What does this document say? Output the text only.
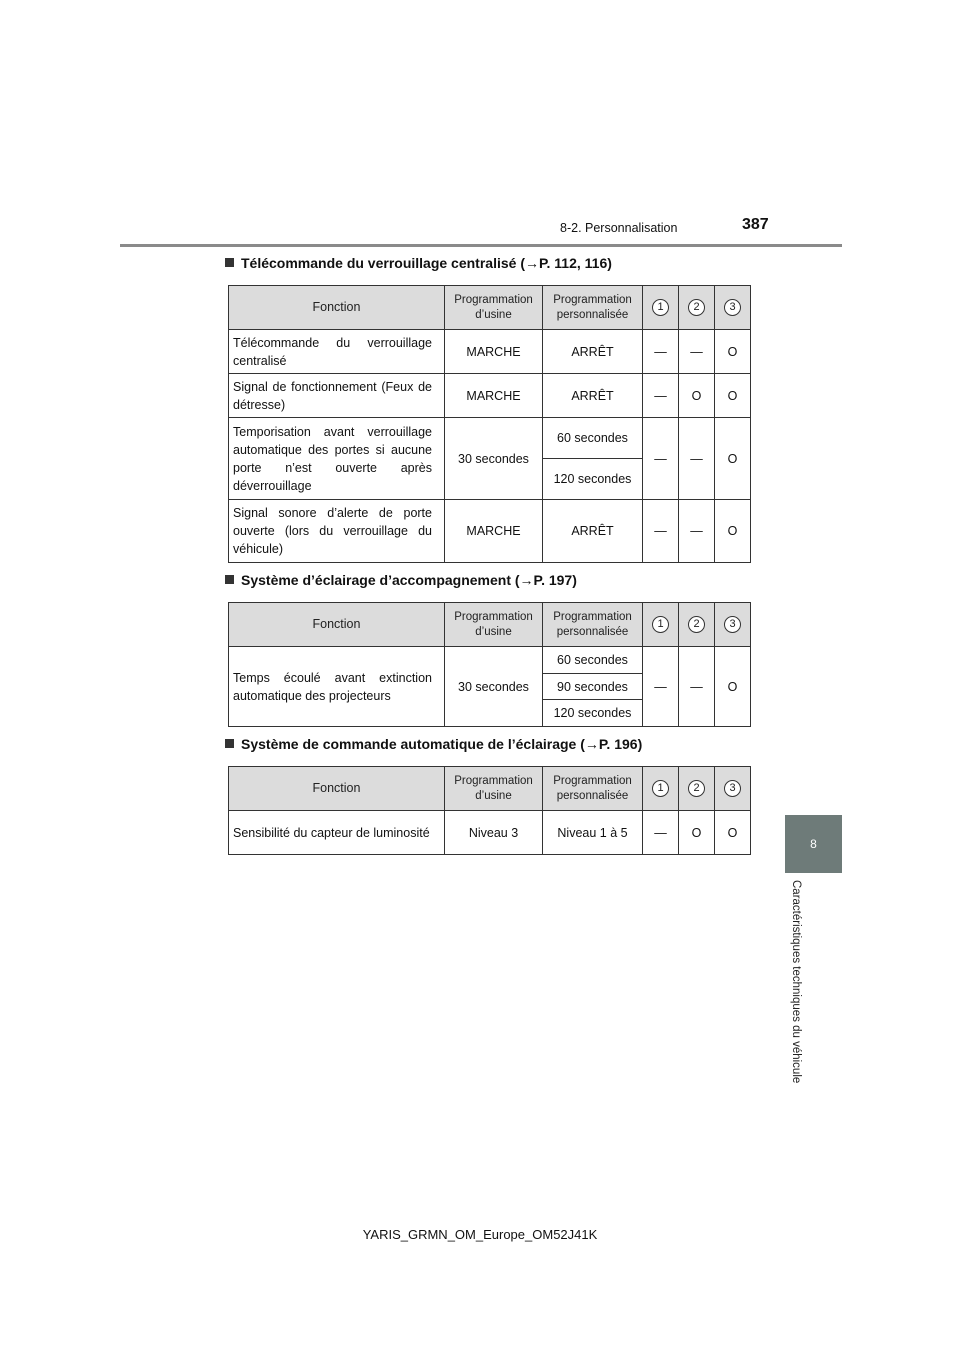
8-2. Personnalisation	387
8
Caractéristiques techniques du véhicule
Télécommande du verrouillage centralisé (→P. 112, 116)
Fonction	Programmation d’usine	Programmation personnalisée	1	2	3
Télécommande du verrouillage centralisé	MARCHE	ARRÊT	—	—	O
Signal de fonctionnement (Feux de détresse)	MARCHE	ARRÊT	—	O	O
Temporisation avant verrouillage automatique des portes si aucune porte n’est ouverte après déverrouillage	30 secondes	60 secondes	—	—	O
		120 secondes			
Signal sonore d’alerte de porte ouverte (lors du verrouillage du véhicule)	MARCHE	ARRÊT	—	—	O
Système d’éclairage d’accompagnement (→P. 197)
Fonction	Programmation d’usine	Programmation personnalisée	1	2	3
Temps écoulé avant extinction automatique des projecteurs	30 secondes	60 secondes	—	—	O
		90 secondes			
		120 secondes			
Système de commande automatique de l’éclairage (→P. 196)
Fonction	Programmation d’usine	Programmation personnalisée	1	2	3
Sensibilité du capteur de luminosité	Niveau 3	Niveau 1 à 5	—	O	O
YARIS_GRMN_OM_Europe_OM52J41K
